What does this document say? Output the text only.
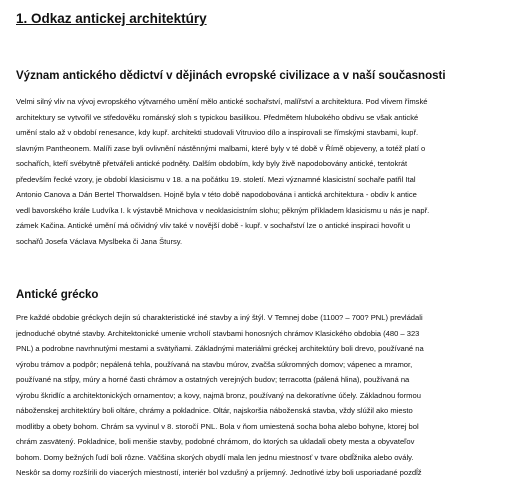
1. Odkaz antickej architektúry
Význam antického dědictví v dějinách evropské civilizace a v naší současnosti
Velmi silný vliv na vývoj evropského výtvarného umění mělo antické sochařství, malířství a architektura. Pod vlivem římské
architektury se vytvořil ve středověku románský sloh s typickou basilikou. Předmětem hlubokého obdivu se však antické
umění stalo až v období renesance, kdy kupř. architekti studovali Vitruvioo dílo a inspirovali se římskými stavbami, kupř.
slavným Pantheonem. Malíři zase byli ovlivnění nástěnnými malbami, které byly v té době v Římě objeveny, a totéž platí o
sochařích, kteří svébytně přetvářeli antické podněty. Dalším obdobím, kdy byly živě napodobovány antické, tentokrát
především řecké vzory, je období klasicismu v 18. a na počátku 19. století. Mezi významné klasicistní sochaře patřil Ital
Antonio Canova a Dán Bertel Thorwaldsen. Hojně byla v této době napodobována i antická architektura - obdiv k antice
vedl bavorského krále Ludvíka I. k výstavbě Mnichova v neoklasicistním slohu; pěkným příkladem klasicismu u nás je např.
zámek Kačina. Antické umění má očividný vliv také v novější době - kupř. v sochařství lze o antické inspiraci hovořit u
sochařů Josefa Václava Myslbeka či Jana Štursy.
Antické grécko
Pre každé obdobie gréckych dejín sú charakteristické iné stavby a iný štýl. V Temnej dobe (1100? – 700? PNL) prevládali
jednoduché obytné stavby. Architektonické umenie vrcholí stavbami honosných chrámov Klasického obdobia (480 – 323
PNL) a podrobne navrhnutými mestami a svätyňami. Základnými materiálmi gréckej architektúry boli drevo, používané na
výrobu trámov a podpôr; nepálená tehla, používaná na stavbu múrov, zvačša súkromných domov; vápenec a mramor,
používané na stĺpy, múry a horné časti chrámov a ostatných verejných budov; terracotta (pálená hlina), používaná na
výrobu škridlíc a architektonických ornamentov; a kovy, najmä bronz, používaný na dekoratívne účely. Základnou formou
náboženskej architektúry boli oltáre, chrámy a pokladnice. Oltár, najskoršia náboženská stavba, vždy slúžil ako miesto
modlitby a obety bohom. Chrám sa vyvinul v 8. storočí PNL. Bola v ňom umiestená socha boha alebo bohyne, ktorej bol
chrám zasvätený. Pokladnice, boli menšie stavby, podobné chrámom, do ktorých sa ukladali obety mesta a obyvateľov
bohom. Domy bežných ľudí boli rôzne. Väčšina skorých obydlí mala len jednu miestnosť v tvare obdĺžnika alebo ovály.
Neskôr sa domy rozšírili do viacerých miestností, interiér bol vzdušný a príjemný. Jednotlivé izby boli usporiadané pozdĺž
